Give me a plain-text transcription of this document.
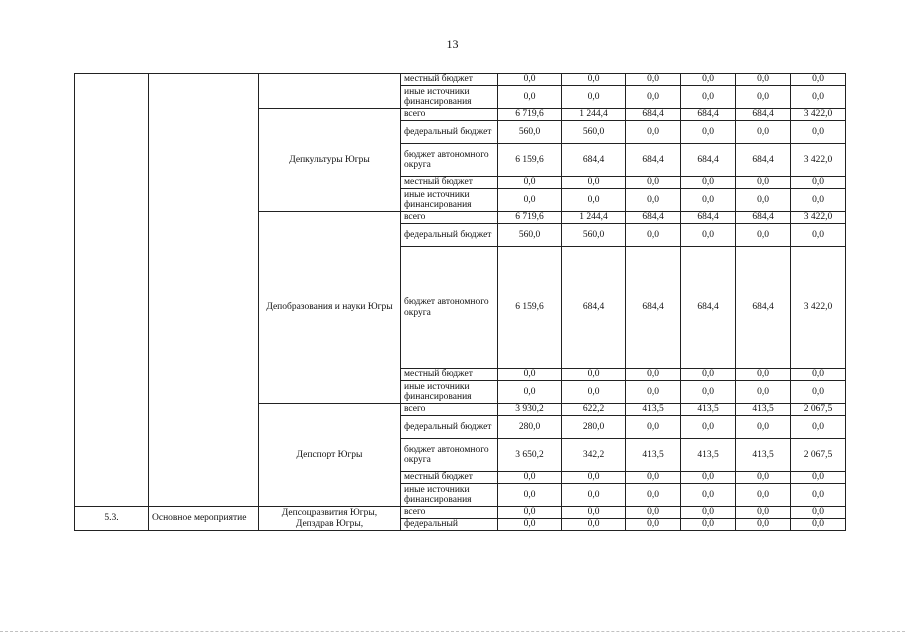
13
			местный бюджет	0,0	0,0	0,0	0,0	0,0	0,0
			иные источники финансирования	0,0	0,0	0,0	0,0	0,0	0,0
		Депкультуры Югры	всего	6 719,6	1 244,4	684,4	684,4	684,4	3 422,0
			федеральный бюджет	560,0	560,0	0,0	0,0	0,0	0,0
			бюджет автономного округа	6 159,6	684,4	684,4	684,4	684,4	3 422,0
			местный бюджет	0,0	0,0	0,0	0,0	0,0	0,0
			иные источники финансирования	0,0	0,0	0,0	0,0	0,0	0,0
		Депобразования и науки Югры	всего	6 719,6	1 244,4	684,4	684,4	684,4	3 422,0
			федеральный бюджет	560,0	560,0	0,0	0,0	0,0	0,0
			бюджет автономного округа	6 159,6	684,4	684,4	684,4	684,4	3 422,0
			местный бюджет	0,0	0,0	0,0	0,0	0,0	0,0
			иные источники финансирования	0,0	0,0	0,0	0,0	0,0	0,0
		Депспорт Югры	всего	3 930,2	622,2	413,5	413,5	413,5	2 067,5
			федеральный бюджет	280,0	280,0	0,0	0,0	0,0	0,0
			бюджет автономного округа	3 650,2	342,2	413,5	413,5	413,5	2 067,5
			местный бюджет	0,0	0,0	0,0	0,0	0,0	0,0
			иные источники финансирования	0,0	0,0	0,0	0,0	0,0	0,0
5.3.	Основное мероприятие	Депсоцразвития Югры, Депздрав Югры,	всего	0,0	0,0	0,0	0,0	0,0	0,0
			федеральный	0,0	0,0	0,0	0,0	0,0	0,0
